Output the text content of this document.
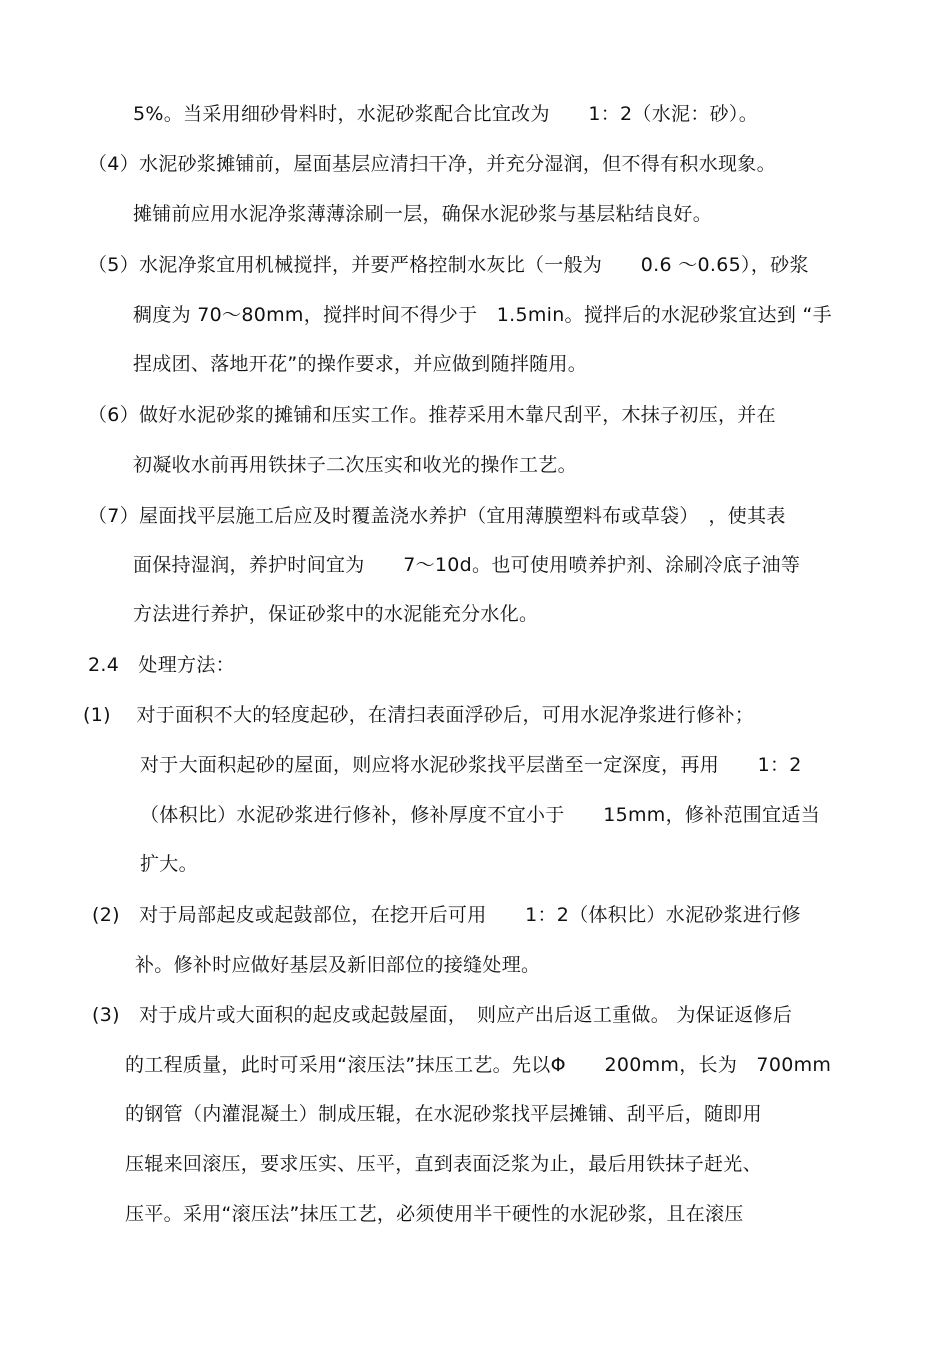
5%。当采用细砂骨料时，水泥砂浆配合比宜改为　　1：2（水泥：砂）。
（4）水泥砂浆摊铺前，屋面基层应清扫干净，并充分湿润，但不得有积水现象。
摊铺前应用水泥净浆薄薄涂刷一层，确保水泥砂浆与基层粘结良好。
（5）水泥净浆宜用机械搅拌，并要严格控制水灰比（一般为　　0.6 ～0.65），砂浆
稠度为 70～80mm，搅拌时间不得少于　1.5min。搅拌后的水泥砂浆宜达到 “手
捏成团、落地开花”的操作要求，并应做到随拌随用。
（6）做好水泥砂浆的摊铺和压实工作。推荐采用木靠尺刮平，木抹子初压，并在
初凝收水前再用铁抹子二次压实和收光的操作工艺。
（7）屋面找平层施工后应及时覆盖浇水养护（宜用薄膜塑料布或草袋）　，使其表
面保持湿润，养护时间宜为　　7～10d。也可使用喷养护剂、涂刷冷底子油等
方法进行养护，保证砂浆中的水泥能充分水化。
2.4　处理方法：
(1)　 对于面积不大的轻度起砂，在清扫表面浮砂后，可用水泥净浆进行修补；
对于大面积起砂的屋面，则应将水泥砂浆找平层凿至一定深度，再用　　1：2
（体积比）水泥砂浆进行修补，修补厚度不宜小于　　15mm，修补范围宜适当
扩大。
(2)　对于局部起皮或起鼓部位，在挖开后可用　　1：2（体积比）水泥砂浆进行修
补。修补时应做好基层及新旧部位的接缝处理。
(3)　对于成片或大面积的起皮或起鼓屋面，　则应产出后返工重做。 为保证返修后
的工程质量，此时可采用“滚压法”抹压工艺。先以Φ　　200mm，长为　700mm
的钢管（内灌混凝土）制成压辊，在水泥砂浆找平层摊铺、刮平后，随即用
压辊来回滚压，要求压实、压平，直到表面泛浆为止，最后用铁抹子赶光、
压平。采用“滚压法”抹压工艺，必须使用半干硬性的水泥砂浆，且在滚压
